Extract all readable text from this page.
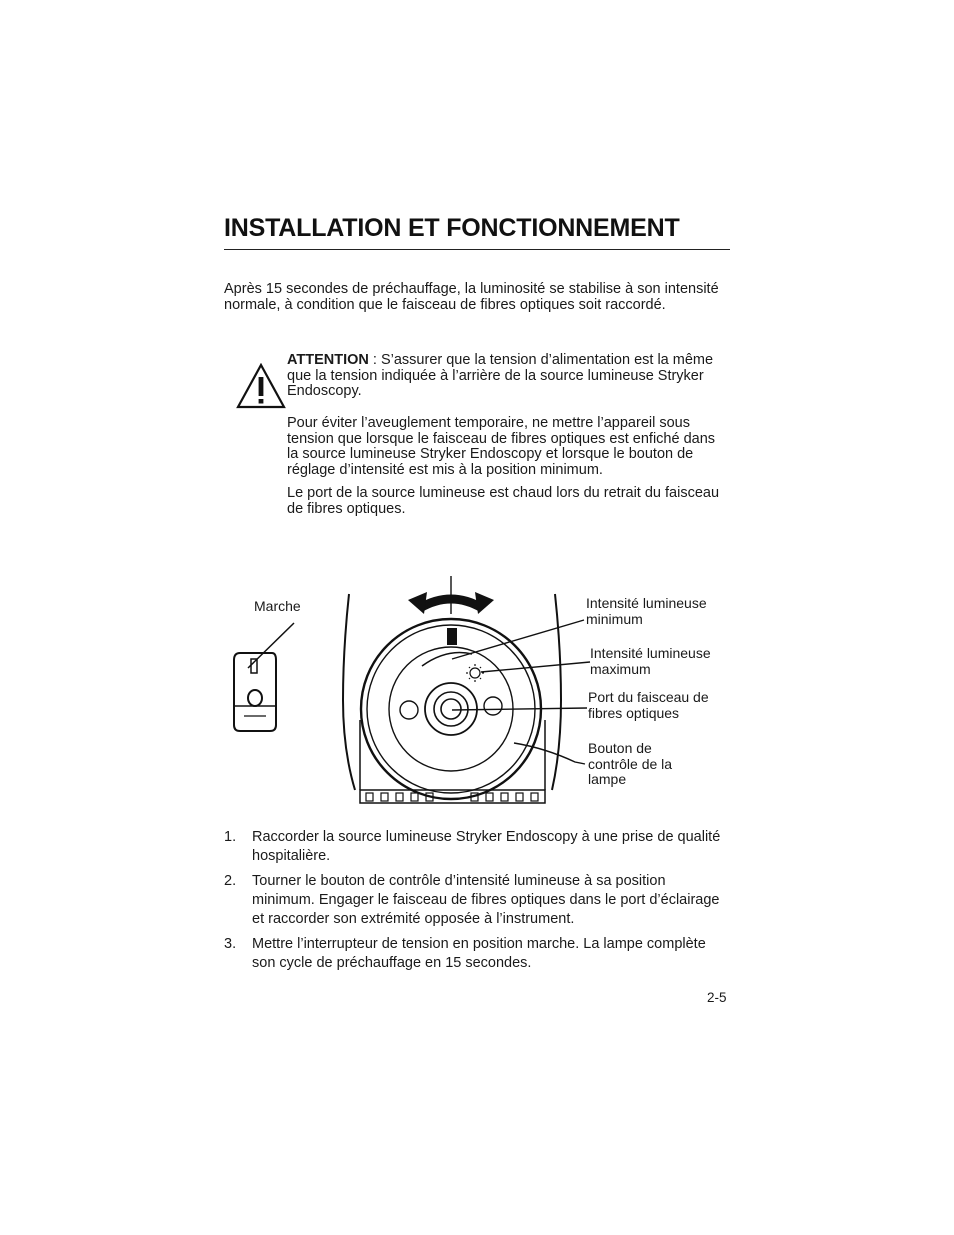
INSTALLATION ET FONCTIONNEMENT

Après 15 secondes de préchauffage, la luminosité se stabilise à son intensité normale, à condition que le faisceau de fibres optiques soit raccordé.

ATTENTION : S’assurer que la tension d’alimentation est la même que la tension indiquée à l’arrière de la source lumineuse Stryker Endoscopy.

Pour éviter l’aveuglement temporaire, ne mettre l’appareil sous tension que lorsque le faisceau de fibres optiques est enfiché dans la source lumineuse Stryker Endoscopy et lorsque le bouton de réglage d’intensité est mis à la position minimum.

Le port de la source lumineuse est chaud lors du retrait du faisceau de fibres optiques.

Marche	Intensité lumineuse
minimum
Intensité lumineuse
maximum
Port du faisceau de
fibres optiques
Bouton de
contrôle de la
lampe
1. Raccorder la source lumineuse Stryker Endoscopy à une prise de qualité hospitalière.
2. Tourner le bouton de contrôle d’intensité lumineuse à sa position minimum. Engager le faisceau de fibres optiques dans le port d’éclairage et raccorder son extrémité opposée à l’instrument.
3. Mettre l’interrupteur de tension en position marche. La lampe complète son cycle de préchauffage en 15 secondes.
2-5
